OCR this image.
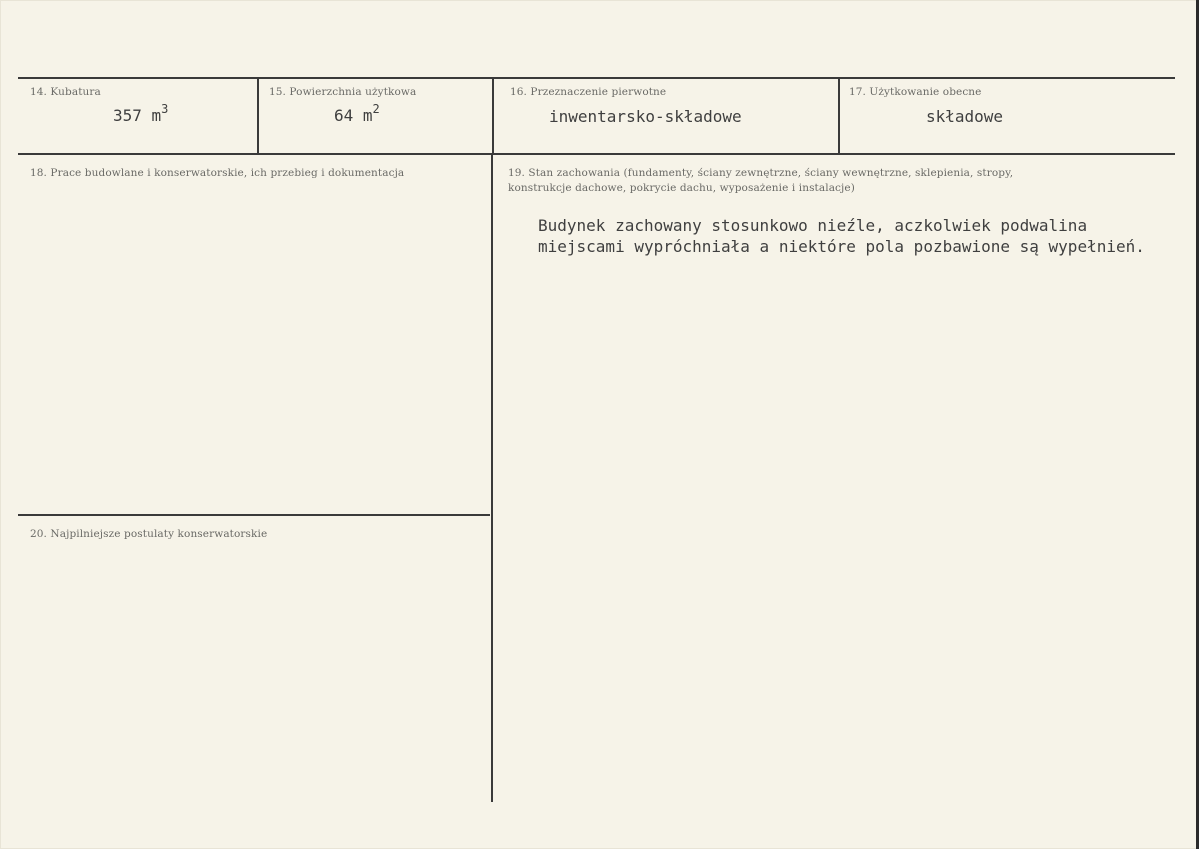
14. Kubatura
357 $m^3$
15. Powierzchnia użytkowa
64 $m^2$
16. Przeznaczenie pierwotne
inwentarsko-składowe
17. Użytkowanie obecne
składowe
18. Prace budowlane i konserwatorskie, ich przebieg i dokumentacja	19. Stan zachowania (fundamenty, ściany zewnętrzne, ściany wewnętrzne, sklepienia, stropy,
konstrukcje dachowe, pokrycie dachu, wyposażenie i instalacje)
Budynek zachowany stosunkowo nieźle, aczkolwiek podwalina
miejscami wypróchniała a niektóre pola pozbawione są wypełnień.
20. Najpilniejsze postulaty konserwatorskie
